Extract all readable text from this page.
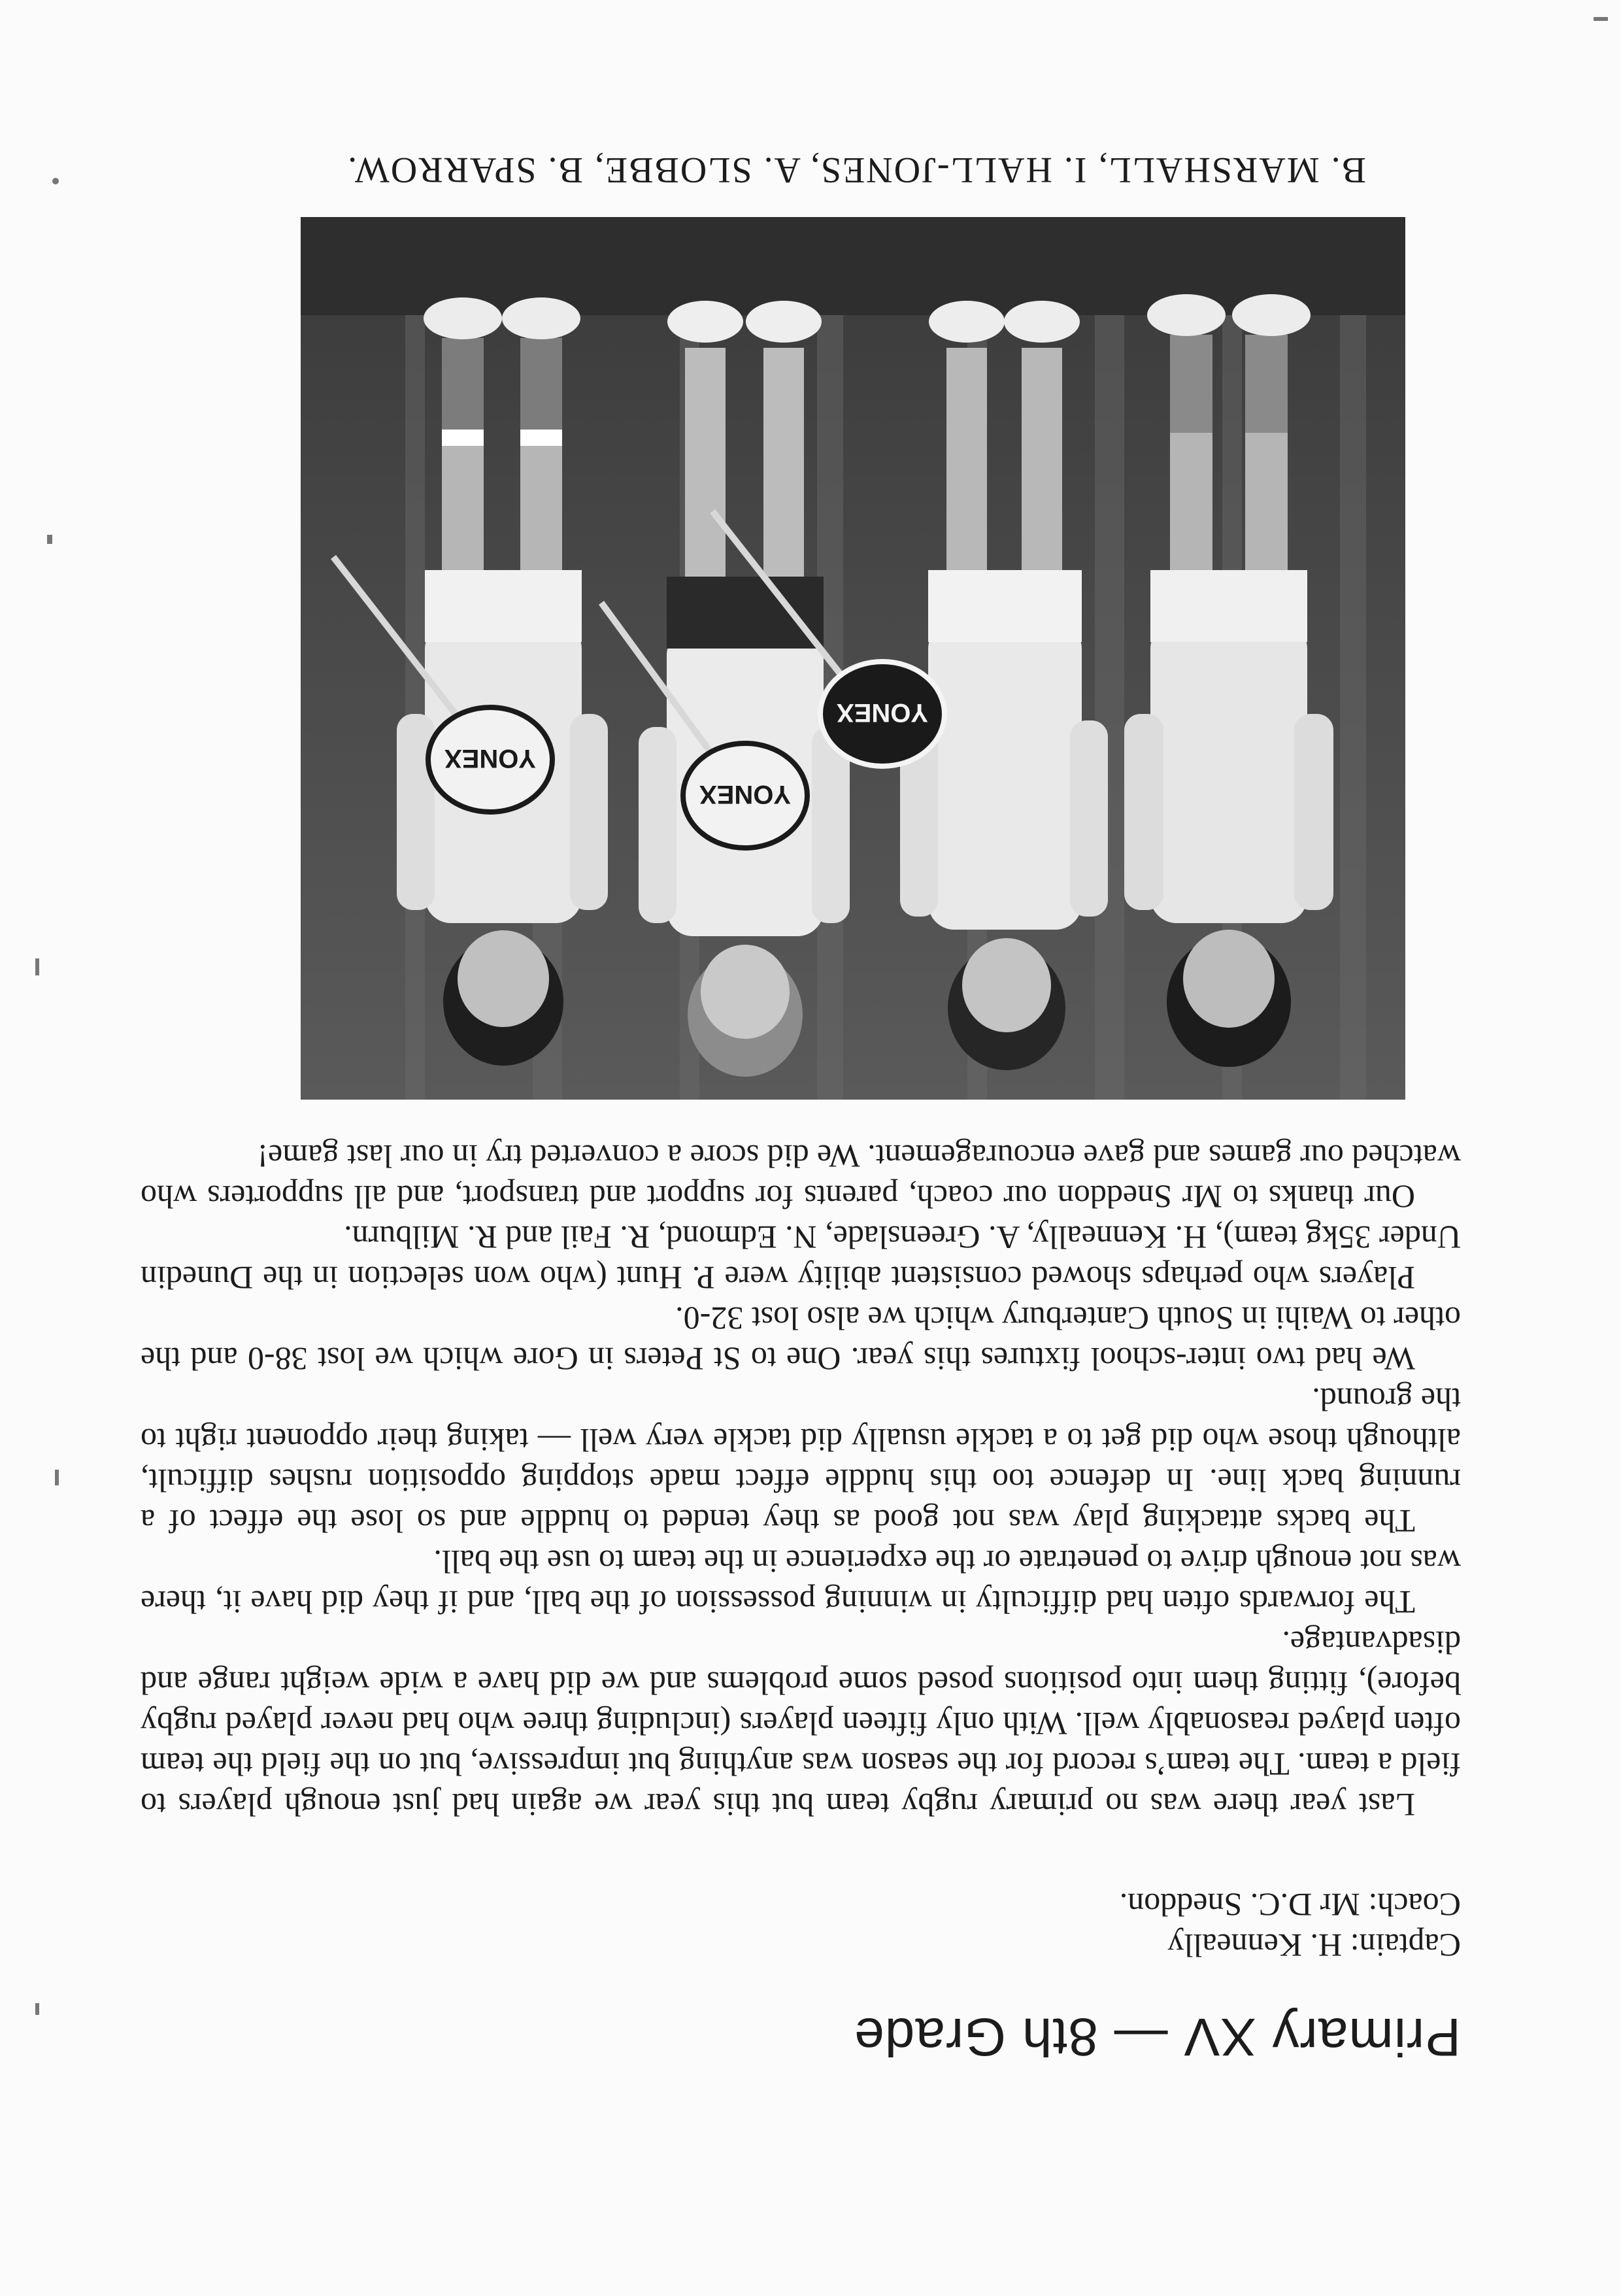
B. MARSHALL, I. HALL-JONES, A. SLOBBE, B. SPARROW.
YONEX
YONEX
YONEX
Primary XV — 8th Grade
Captain: H. Kenneally
Coach: Mr D.C. Sneddon.

Last year there was no primary rugby team but this year we again had just enough players to field a team. The team’s record for the season was anything but impressive, but on the field the team often played reasonably well. With only fifteen players (including three who had never played rugby before), fitting them into positions posed some problems and we did have a wide weight range and disadvantage.

The forwards often had difficulty in winning possession of the ball, and if they did have it, there was not enough drive to penetrate or the experience in the team to use the ball.

The backs attacking play was not good as they tended to huddle and so lose the effect of a running back line. In defence too this huddle effect made stopping opposition rushes difficult, although those who did get to a tackle usually did tackle very well — taking their opponent right to the ground.

We had two inter-school fixtures this year. One to St Peters in Gore which we lost 38-0 and the other to Waihi in South Canterbury which we also lost 32-0.

Players who perhaps showed consistent ability were P. Hunt (who won selection in the Dunedin Under 35kg team), H. Kenneally, A. Greenslade, N. Edmond, R. Fail and R. Milburn.

Our thanks to Mr Sneddon our coach, parents for support and transport, and all supporters who watched our games and gave encouragement. We did score a converted try in our last game!
